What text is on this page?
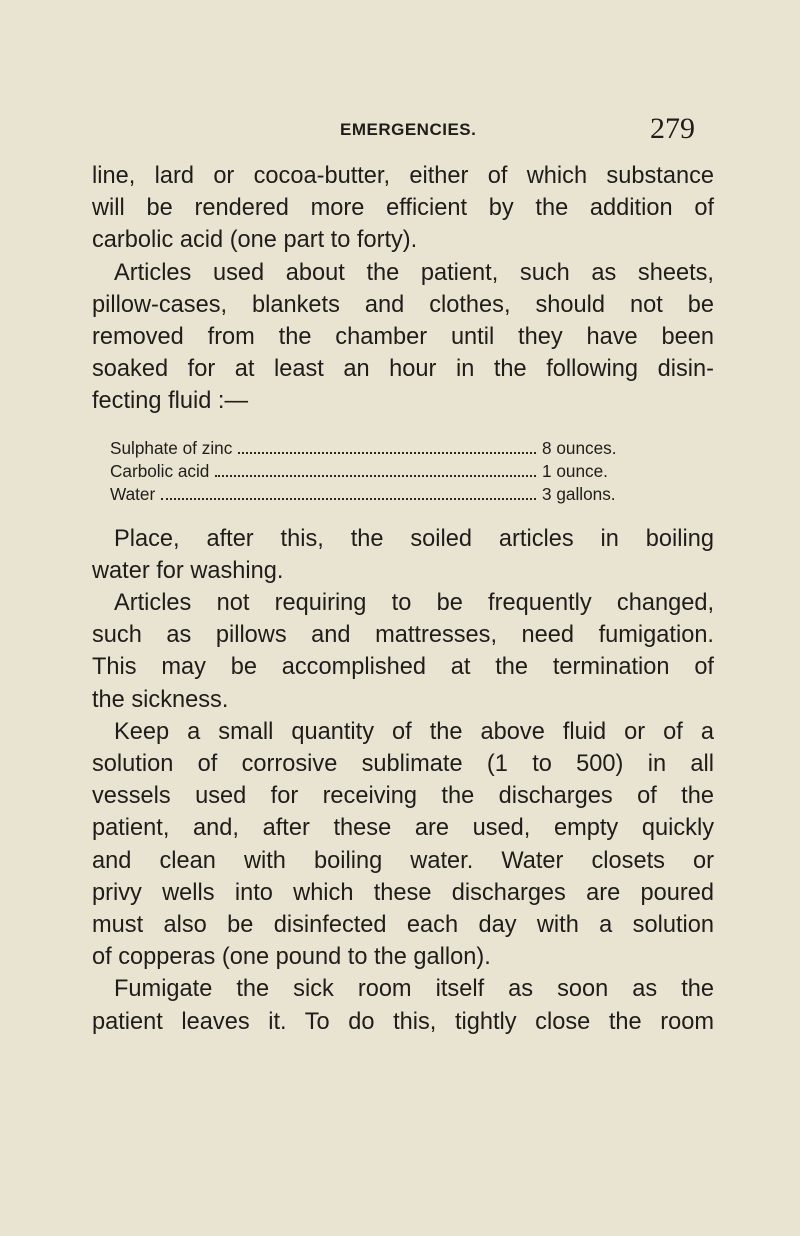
EMERGENCIES.	279
line, lard or cocoa-butter, either of which substance
will be rendered more efficient by the addition of
carbolic acid (one part to forty).
Articles used about the patient, such as sheets,
pillow-cases, blankets and clothes, should not be
removed from the chamber until they have been
soaked for at least an hour in the following disin-
fecting fluid :—
Sulphate of zinc	8 ounces.
Carbolic acid	1 ounce.
Water	3 gallons.
Place, after this, the soiled articles in boiling
water for washing.
Articles not requiring to be frequently changed,
such as pillows and mattresses, need fumigation.
This may be accomplished at the termination of
the sickness.
Keep a small quantity of the above fluid or of a
solution of corrosive sublimate (1 to 500) in all
vessels used for receiving the discharges of the
patient, and, after these are used, empty quickly
and clean with boiling water. Water closets or
privy wells into which these discharges are poured
must also be disinfected each day with a solution
of copperas (one pound to the gallon).
Fumigate the sick room itself as soon as the
patient leaves it. To do this, tightly close the room
